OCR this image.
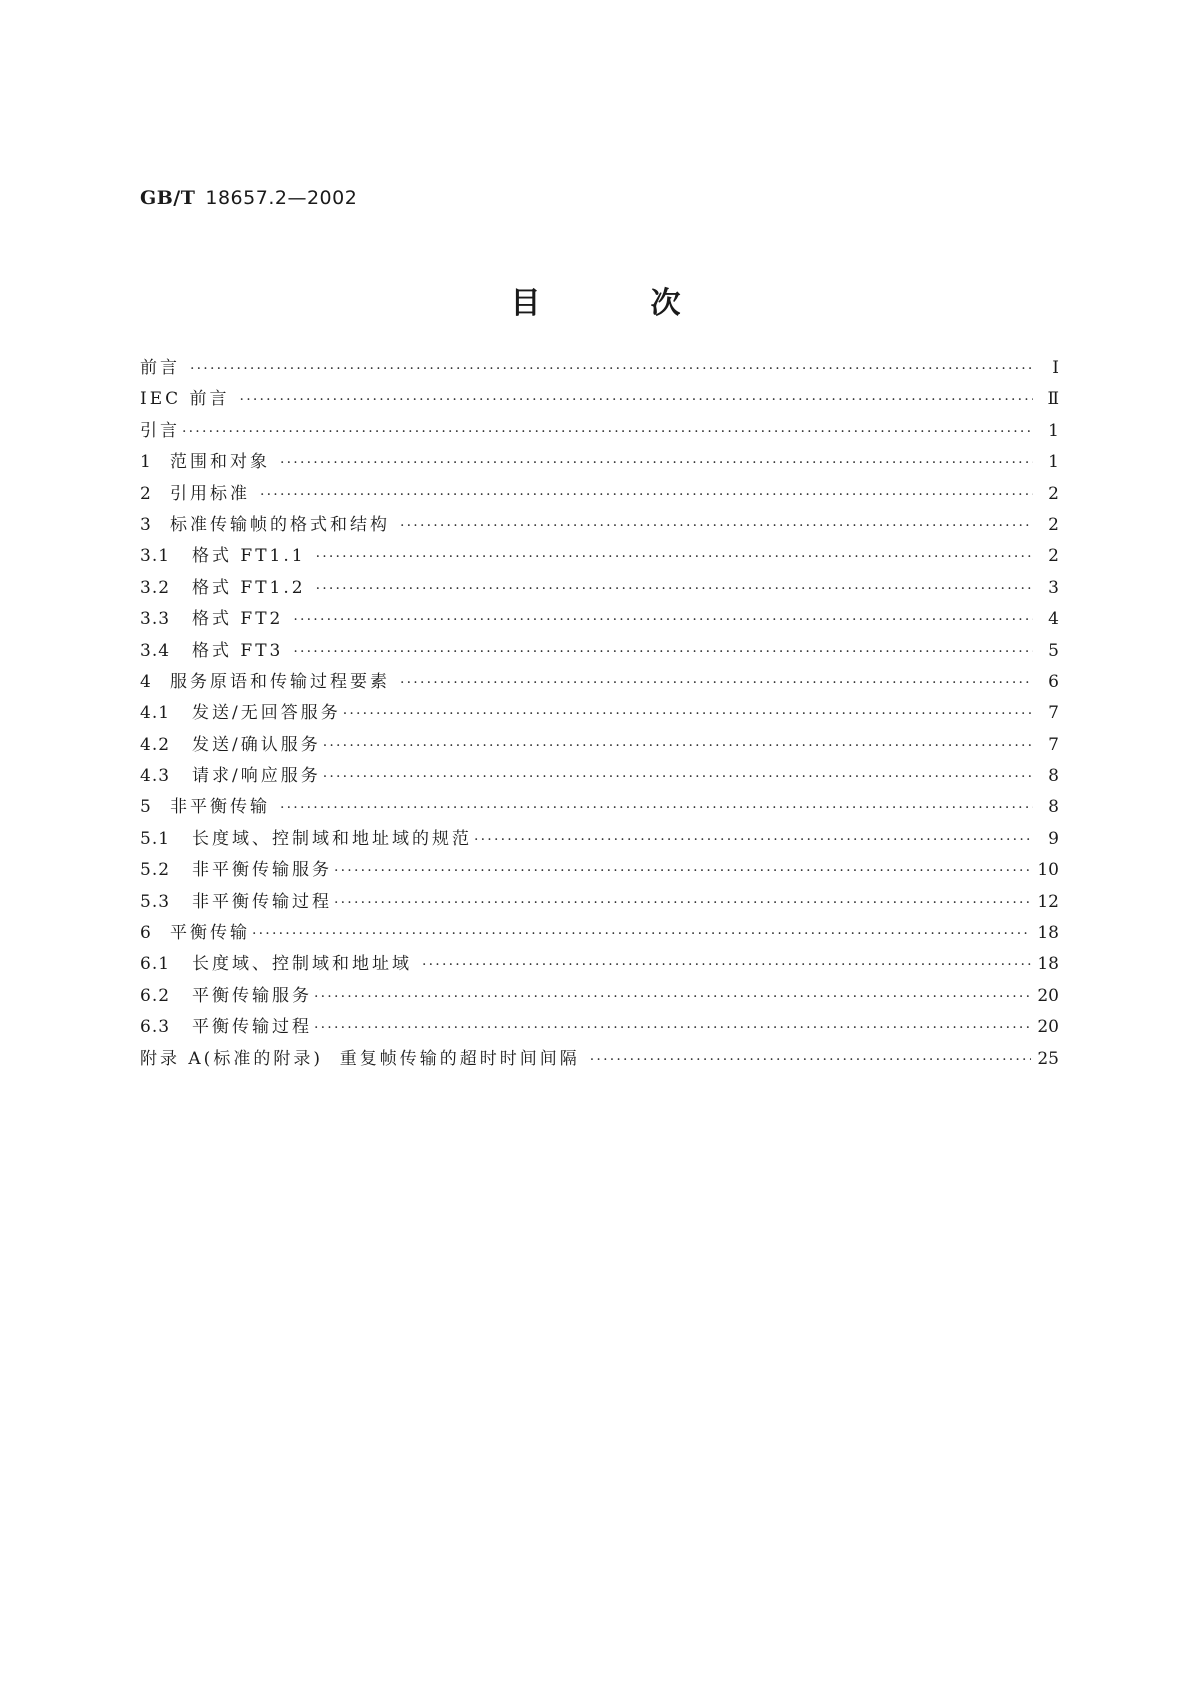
GB/T 18657.2—2002
目	次
前言 ·····	Ⅰ
IEC 前言 ·····	Ⅱ
引言 ·····	1
1	范围和对象 ·····	1
2	引用标准 ·····	2
3	标准传输帧的格式和结构 ·····	2
3.1	格式 FT1.1 ·····	2
3.2	格式 FT1.2 ·····	3
3.3	格式 FT2 ·····	4
3.4	格式 FT3 ·····	5
4	服务原语和传输过程要素 ·····	6
4.1	发送/无回答服务 ·····	7
4.2	发送/确认服务 ·····	7
4.3	请求/响应服务 ·····	8
5	非平衡传输 ·····	8
5.1	长度域、控制域和地址域的规范 ·····	9
5.2	非平衡传输服务 ·····	10
5.3	非平衡传输过程 ·····	12
6	平衡传输 ·····	18
6.1	长度域、控制域和地址域 ·····	18
6.2	平衡传输服务 ·····	20
6.3	平衡传输过程 ·····	20
附录 A(标准的附录)  重复帧传输的超时时间间隔 ·····	25
